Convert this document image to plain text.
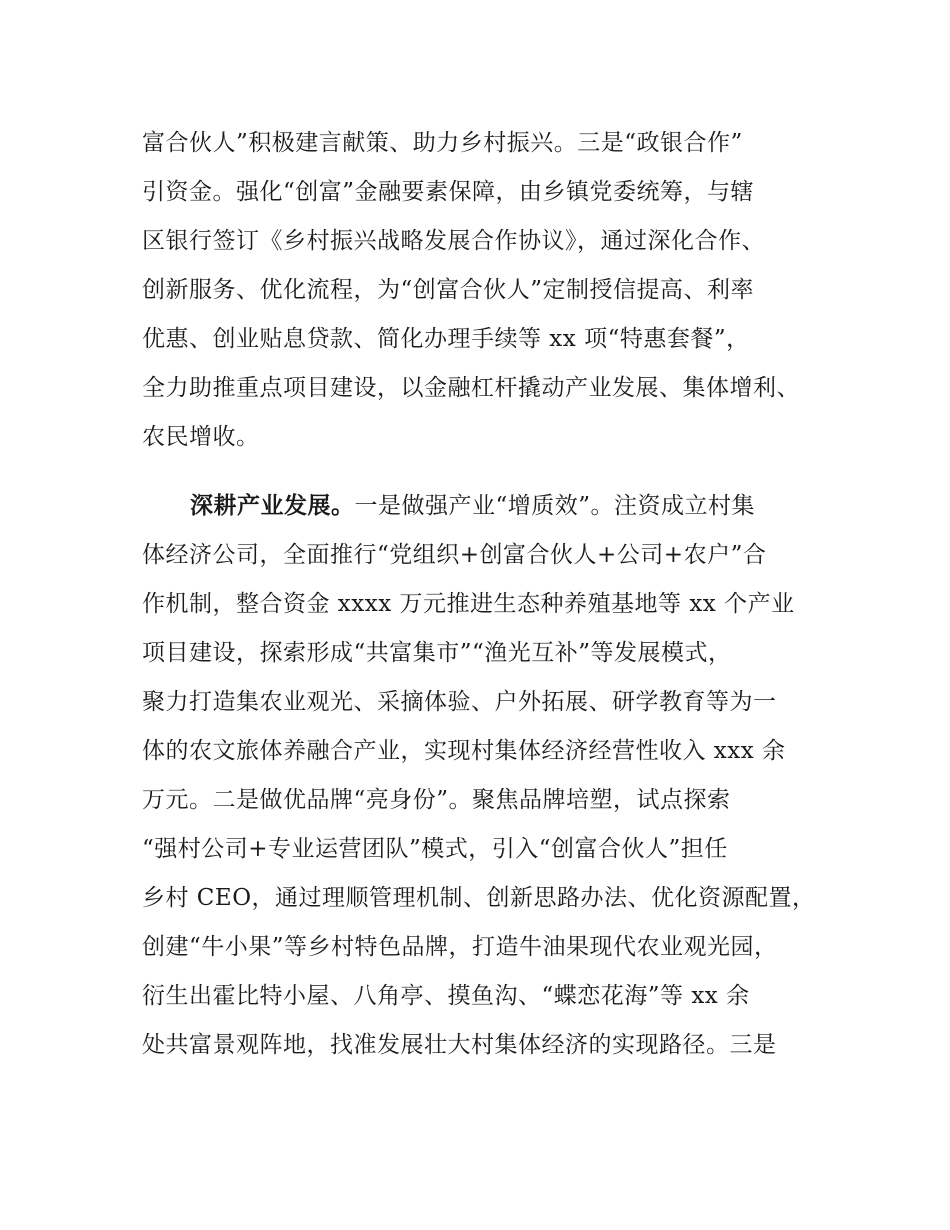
富合伙人”积极建言献策、助力乡村振兴。三是“政银合作”
引资金。强化“创富”金融要素保障，由乡镇党委统筹，与辖
区银行签订《乡村振兴战略发展合作协议》，通过深化合作、
创新服务、优化流程，为“创富合伙人”定制授信提高、利率
优惠、创业贴息贷款、简化办理手续等 xx 项“特惠套餐”，
全力助推重点项目建设，以金融杠杆撬动产业发展、集体增利、
农民增收。
深耕产业发展。一是做强产业“增质效”。注资成立村集
体经济公司，全面推行“党组织+创富合伙人+公司+农户”合
作机制，整合资金 xxxx 万元推进生态种养殖基地等 xx 个产业
项目建设，探索形成“共富集市”“渔光互补”等发展模式，
聚力打造集农业观光、采摘体验、户外拓展、研学教育等为一
体的农文旅体养融合产业，实现村集体经济经营性收入 xxx 余
万元。二是做优品牌“亮身份”。聚焦品牌培塑，试点探索
“强村公司+专业运营团队”模式，引入“创富合伙人”担任
乡村 CEO，通过理顺管理机制、创新思路办法、优化资源配置，
创建“牛小果”等乡村特色品牌，打造牛油果现代农业观光园，
衍生出霍比特小屋、八角亭、摸鱼沟、“蝶恋花海”等 xx 余
处共富景观阵地，找准发展壮大村集体经济的实现路径。三是
